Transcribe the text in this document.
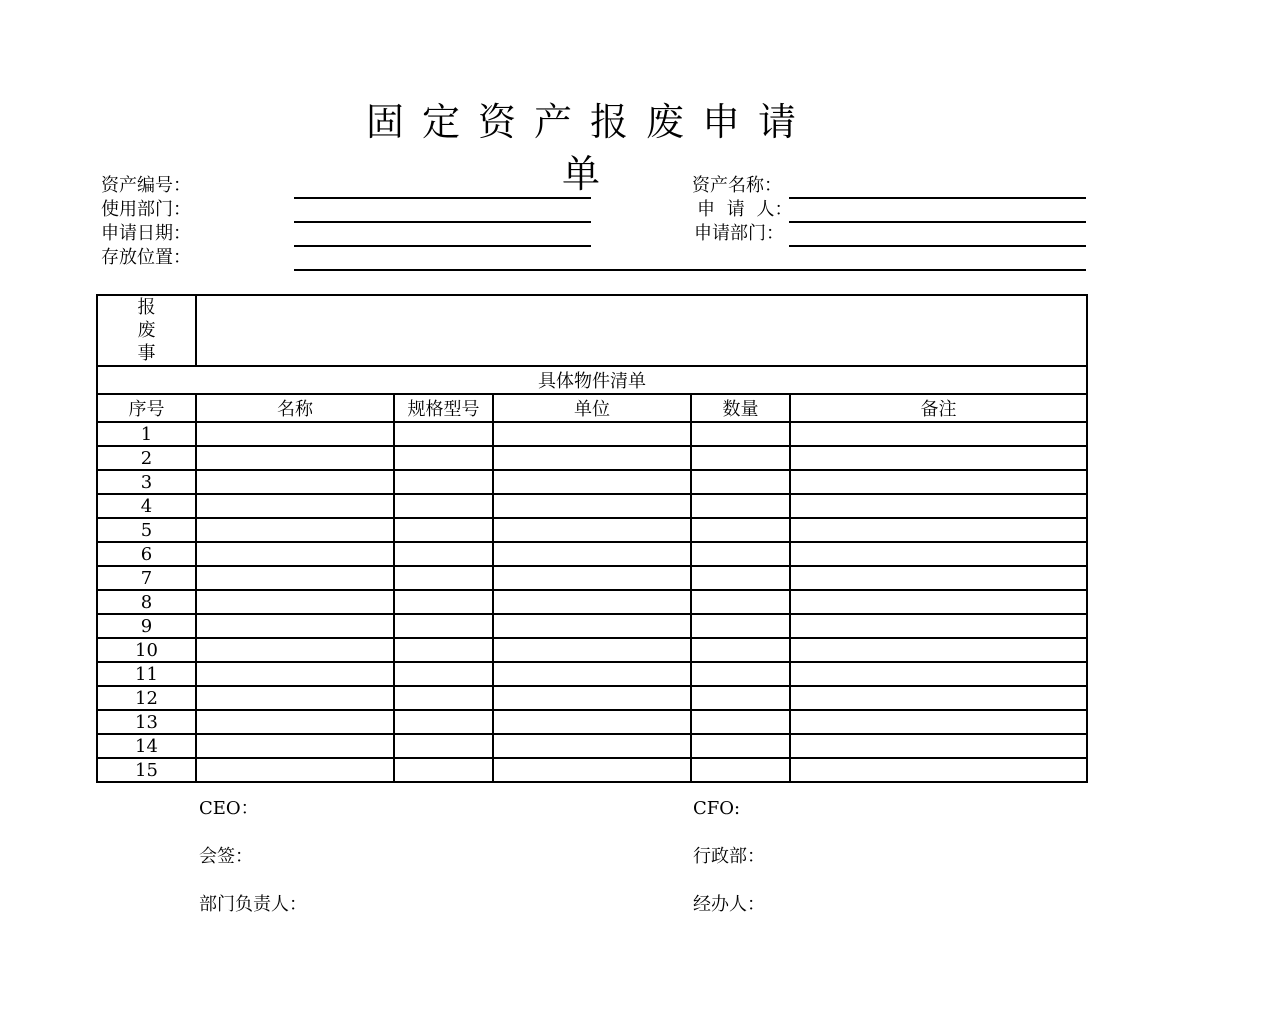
固定资产报废申请单
资产编号：
使用部门：
申请日期：
存放位置：
资产名称：
申 请 人：
申请部门：
报
废
事					

具体物件清单					
序号	名称	规格型号	单位	数量	备注
1					
2					
3					
4					
5					
6					
7					
8					
9					
10					
11					
12					
13					
14					
15					
CEO：
会签：
部门负责人：
CFO:
行政部：
经办人：
